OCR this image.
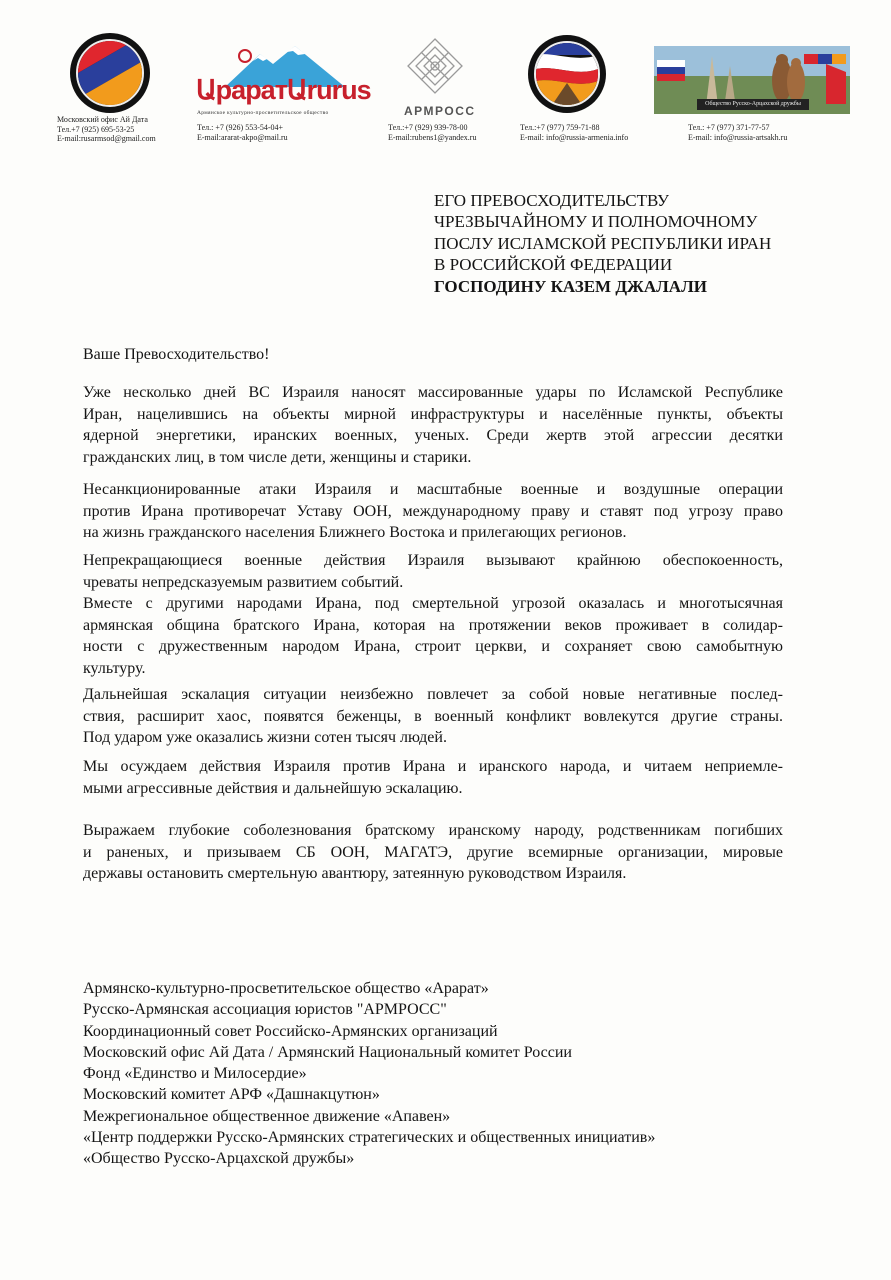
Московский офис Ай Дата
Тел.+7 (925) 695-53-25
E-mail:rusarmsod@gmail.com
ԱраратԱrurus
Армянское культурно-просветительское общество
Тел.: +7 (926) 553-54-04+
E-mail:ararat-akpo@mail.ru
АРМРОСС
Тел.:+7 (929) 939-78-00
E-mail:rubens1@yandex.ru
Тел.:+7 (977) 759-71-88
E-mail: info@russia-armenia.info
Общество Русско-Арцахской дружбы
Тел.: +7 (977) 371-77-57
E-mail: info@russia-artsakh.ru
ЕГО ПРЕВОСХОДИТЕЛЬСТВУ
ЧРЕЗВЫЧАЙНОМУ И ПОЛНОМОЧНОМУ
ПОСЛУ ИСЛАМСКОЙ РЕСПУБЛИКИ ИРАН
В РОССИЙСКОЙ ФЕДЕРАЦИИ
ГОСПОДИНУ КАЗЕМ ДЖАЛАЛИ
Ваше Превосходительство!
Уже несколько дней ВС Израиля наносят массированные удары по Исламской Республике
Иран, нацелившись на объекты мирной инфраструктуры и населённые пункты, объекты
ядерной энергетики, иранских военных, ученых. Среди жертв этой агрессии десятки
гражданских лиц, в том числе дети, женщины и старики.
Несанкционированные атаки Израиля и масштабные военные и воздушные операции
против Ирана противоречат Уставу ООН, международному праву и ставят под угрозу право
на жизнь гражданского населения Ближнего Востока и прилегающих регионов.
Непрекращающиеся военные действия Израиля вызывают крайнюю обеспокоенность,
чреваты непредсказуемым развитием событий.
Вместе с другими народами Ирана, под смертельной угрозой оказалась и многотысячная
армянская община братского Ирана, которая на протяжении веков проживает в солидар-
ности с дружественным народом Ирана, строит церкви, и сохраняет свою самобытную
культуру.
Дальнейшая эскалация ситуации неизбежно повлечет за собой новые негативные послед-
ствия, расширит хаос, появятся беженцы, в военный конфликт вовлекутся другие страны.
Под ударом уже оказались жизни сотен тысяч людей.
Мы осуждаем действия Израиля против Ирана и иранского народа, и читаем неприемле-
мыми агрессивные действия и дальнейшую эскалацию.
Выражаем глубокие соболезнования братскому иранскому народу, родственникам погибших
и раненых, и призываем СБ ООН, МАГАТЭ, другие всемирные организации, мировые
державы остановить смертельную авантюру, затеянную руководством Израиля.
Армянско-культурно-просветительское общество «Арарат»
Русско-Армянская ассоциация юристов "АРМРОСС"
Координационный совет Российско-Армянских организаций
Московский офис Ай Дата / Армянский Национальный комитет России
Фонд «Единство и Милосердие»
Московский комитет АРФ «Дашнакцутюн»
Межрегиональное общественное движение «Апавен»
«Центр поддержки Русско-Армянских стратегических и общественных инициатив»
«Общество Русско-Арцахской дружбы»
